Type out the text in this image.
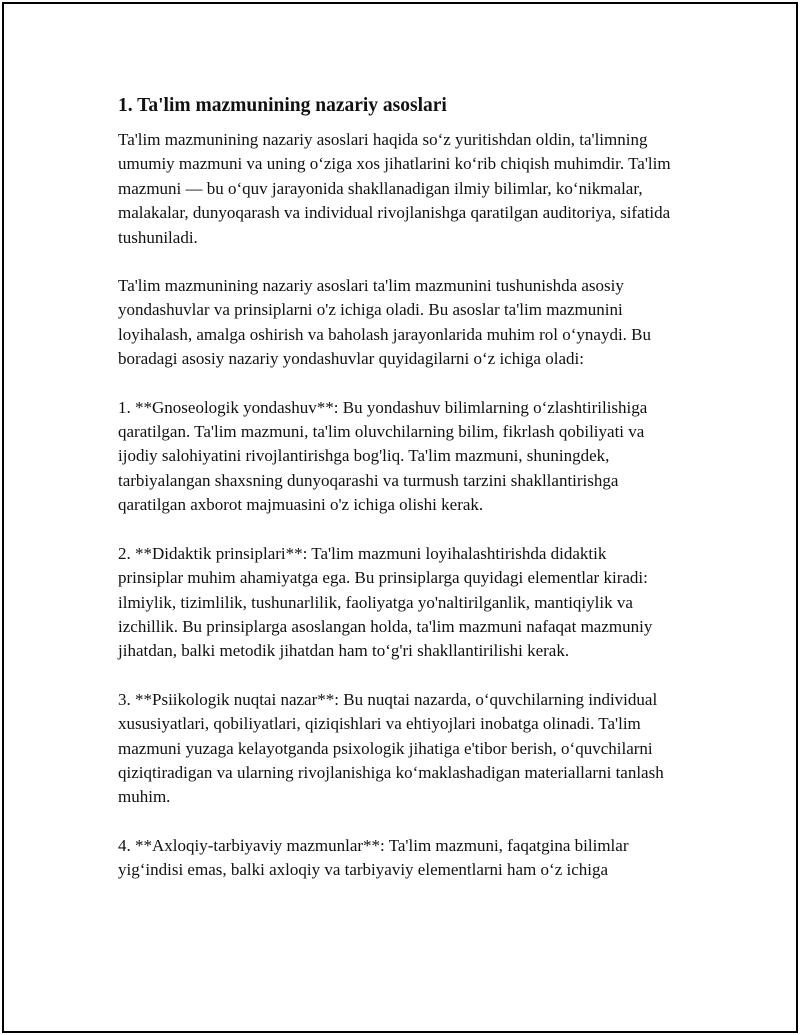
1. Ta'lim mazmunining nazariy asoslari

Ta'lim mazmunining nazariy asoslari haqida so‘z yuritishdan oldin, ta'limning umumiy mazmuni va uning o‘ziga xos jihatlarini ko‘rib chiqish muhimdir. Ta'lim mazmuni — bu o‘quv jarayonida shakllanadigan ilmiy bilimlar, ko‘nikmalar, malakalar, dunyoqarash va individual rivojlanishga qaratilgan auditoriya, sifatida tushuniladi.

Ta'lim mazmunining nazariy asoslari ta'lim mazmunini tushunishda asosiy yondashuvlar va prinsiplarni o'z ichiga oladi. Bu asoslar ta'lim mazmunini loyihalash, amalga oshirish va baholash jarayonlarida muhim rol o‘ynaydi. Bu boradagi asosiy nazariy yondashuvlar quyidagilarni o‘z ichiga oladi:

1. **Gnoseologik yondashuv**: Bu yondashuv bilimlarning o‘zlashtirilishiga qaratilgan. Ta'lim mazmuni, ta'lim oluvchilarning bilim, fikrlash qobiliyati va ijodiy salohiyatini rivojlantirishga bog'liq. Ta'lim mazmuni, shuningdek, tarbiyalangan shaxsning dunyoqarashi va turmush tarzini shakllantirishga qaratilgan axborot majmuasini o'z ichiga olishi kerak.

2. **Didaktik prinsiplari**: Ta'lim mazmuni loyihalashtirishda didaktik prinsiplar muhim ahamiyatga ega. Bu prinsiplarga quyidagi elementlar kiradi: ilmiylik, tizimlilik, tushunarlilik, faoliyatga yo'naltirilganlik, mantiqiylik va izchillik. Bu prinsiplarga asoslangan holda, ta'lim mazmuni nafaqat mazmuniy jihatdan, balki metodik jihatdan ham to‘g'ri shakllantirilishi kerak.

3. **Psiikologik nuqtai nazar**: Bu nuqtai nazarda, o‘quvchilarning individual xususiyatlari, qobiliyatlari, qiziqishlari va ehtiyojlari inobatga olinadi. Ta'lim mazmuni yuzaga kelayotganda psixologik jihatiga e'tibor berish, o‘quvchilarni qiziqtiradigan va ularning rivojlanishiga ko‘maklashadigan materiallarni tanlash muhim.

4. **Axloqiy-tarbiyaviy mazmunlar**: Ta'lim mazmuni, faqatgina bilimlar yig‘indisi emas, balki axloqiy va tarbiyaviy elementlarni ham o‘z ichiga
